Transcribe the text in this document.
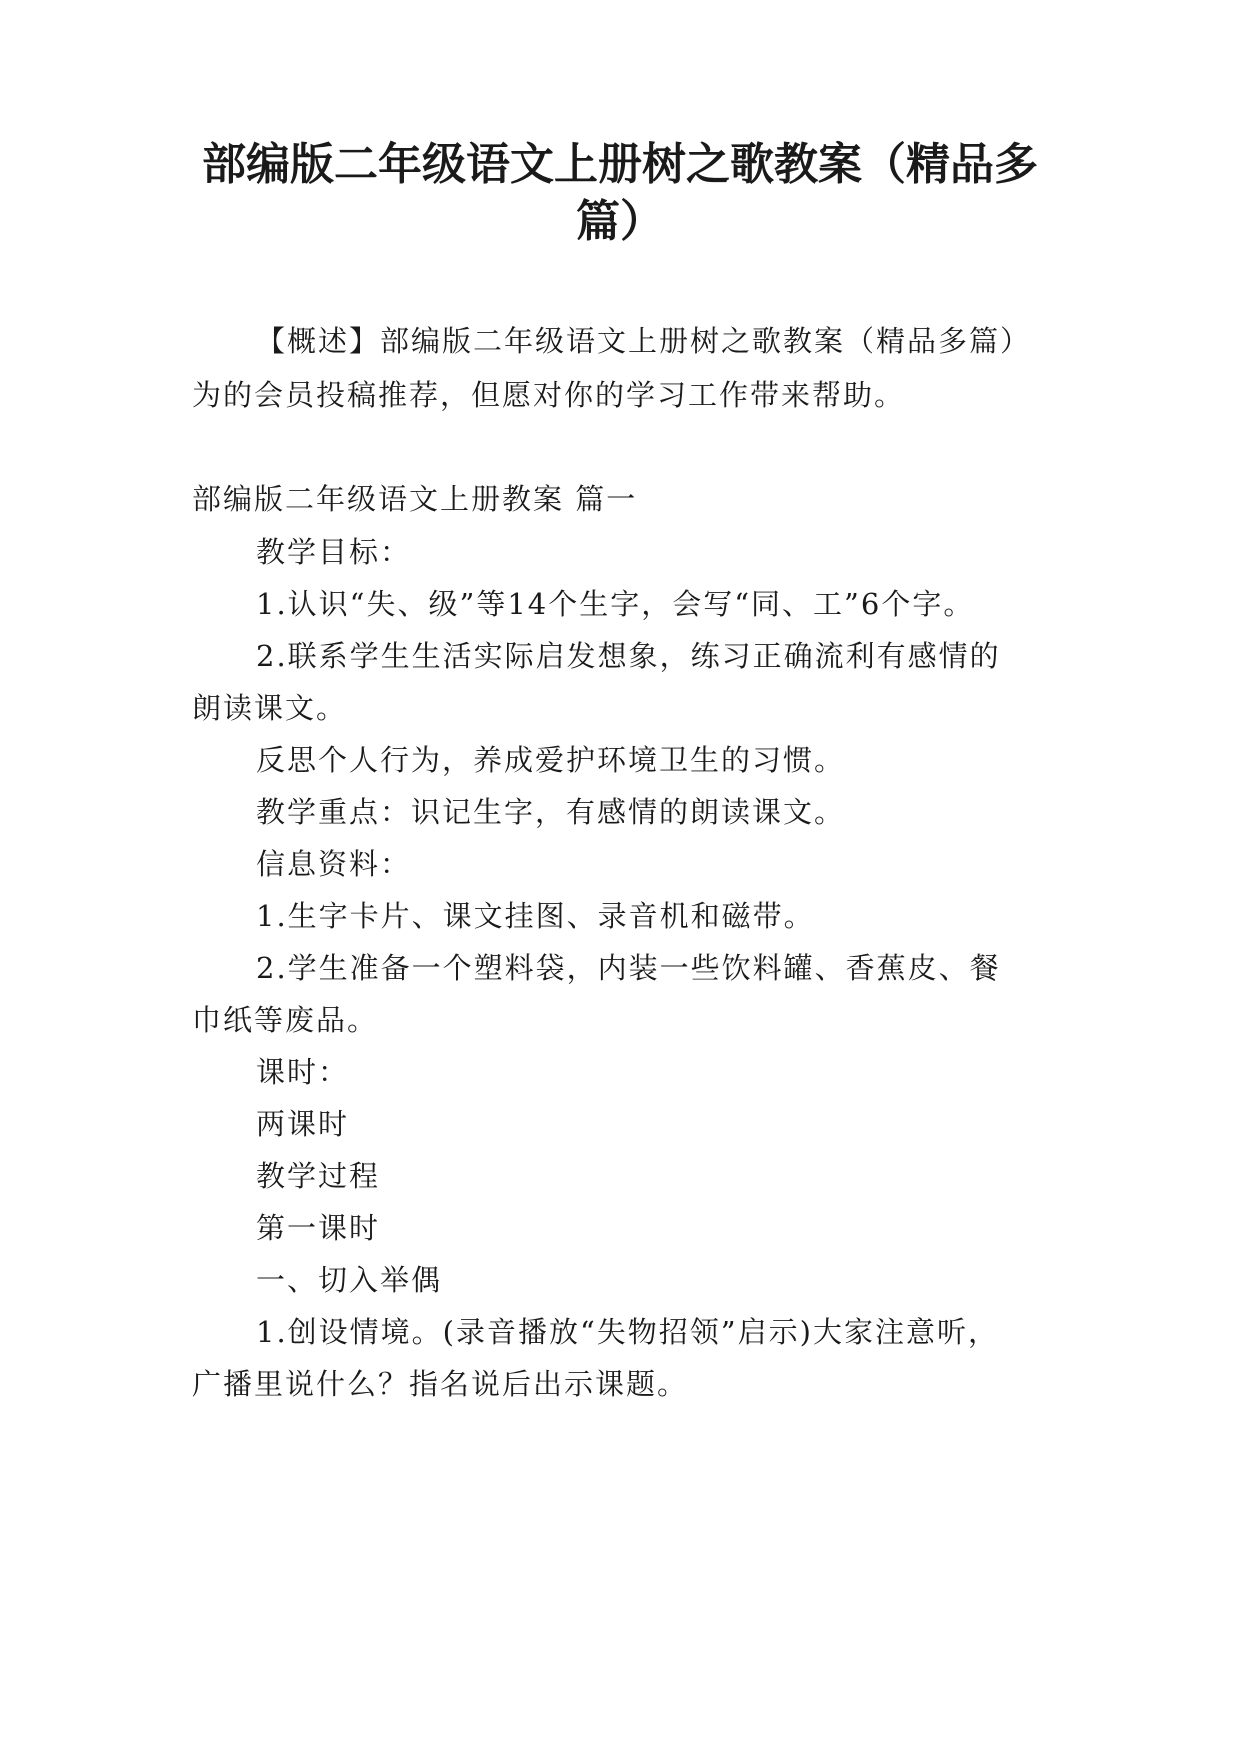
部编版二年级语文上册树之歌教案（精品多
篇）

【概述】部编版二年级语文上册树之歌教案（精品多篇）

为的会员投稿推荐，但愿对你的学习工作带来帮助。

部编版二年级语文上册教案 篇一

教学目标：

1.认识“失、级”等14个生字，会写“同、工”6个字。

2.联系学生生活实际启发想象，练习正确流利有感情的

朗读课文。

反思个人行为，养成爱护环境卫生的习惯。

教学重点：识记生字，有感情的朗读课文。

信息资料：

1.生字卡片、课文挂图、录音机和磁带。

2.学生准备一个塑料袋，内装一些饮料罐、香蕉皮、餐

巾纸等废品。

课时：

两课时

教学过程

第一课时

一、切入举偶

1.创设情境。(录音播放“失物招领”启示)大家注意听，

广播里说什么？指名说后出示课题。
